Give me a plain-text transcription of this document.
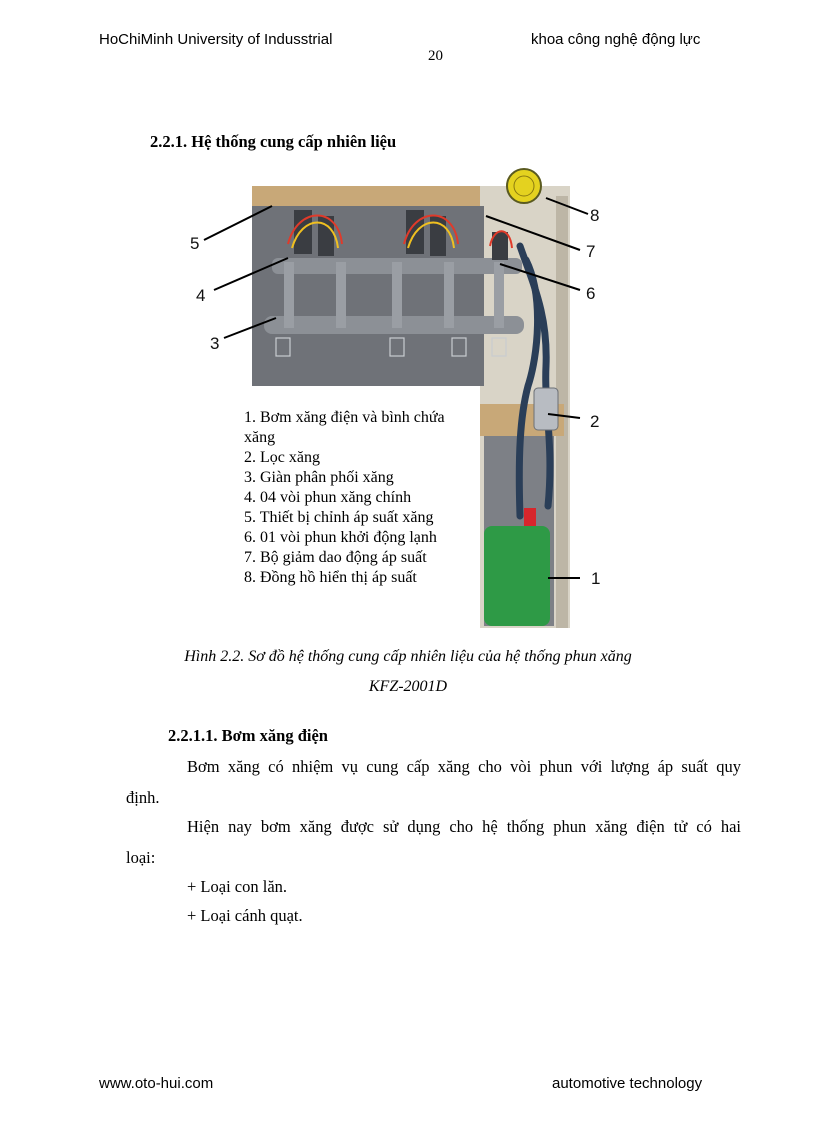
HoChiMinh University of Indusstrial	khoa công nghệ động lực
20
2.2.1. Hệ thống cung cấp nhiên liệu
1
2
3
4
5
6
7
8
1. Bơm xăng điện và bình chứa
xăng
2. Lọc xăng
3. Giàn phân phối xăng
4. 04 vòi phun xăng chính
5. Thiết bị chỉnh áp suất xăng
6. 01 vòi phun khởi động lạnh
7. Bộ giảm dao động áp suất
8. Đồng hồ hiển thị áp suất
Hình 2.2. Sơ đồ hệ thống cung cấp nhiên liệu của hệ thống phun xăng
KFZ-2001D
2.2.1.1. Bơm xăng điện
Bơm xăng có nhiệm vụ cung cấp xăng cho vòi phun với lượng áp suất quy
định.
Hiện nay bơm xăng được sử dụng cho hệ thống phun xăng điện tử có hai
loại:
+ Loại con lăn.
+ Loại cánh quạt.
www.oto-hui.com	automotive technology
